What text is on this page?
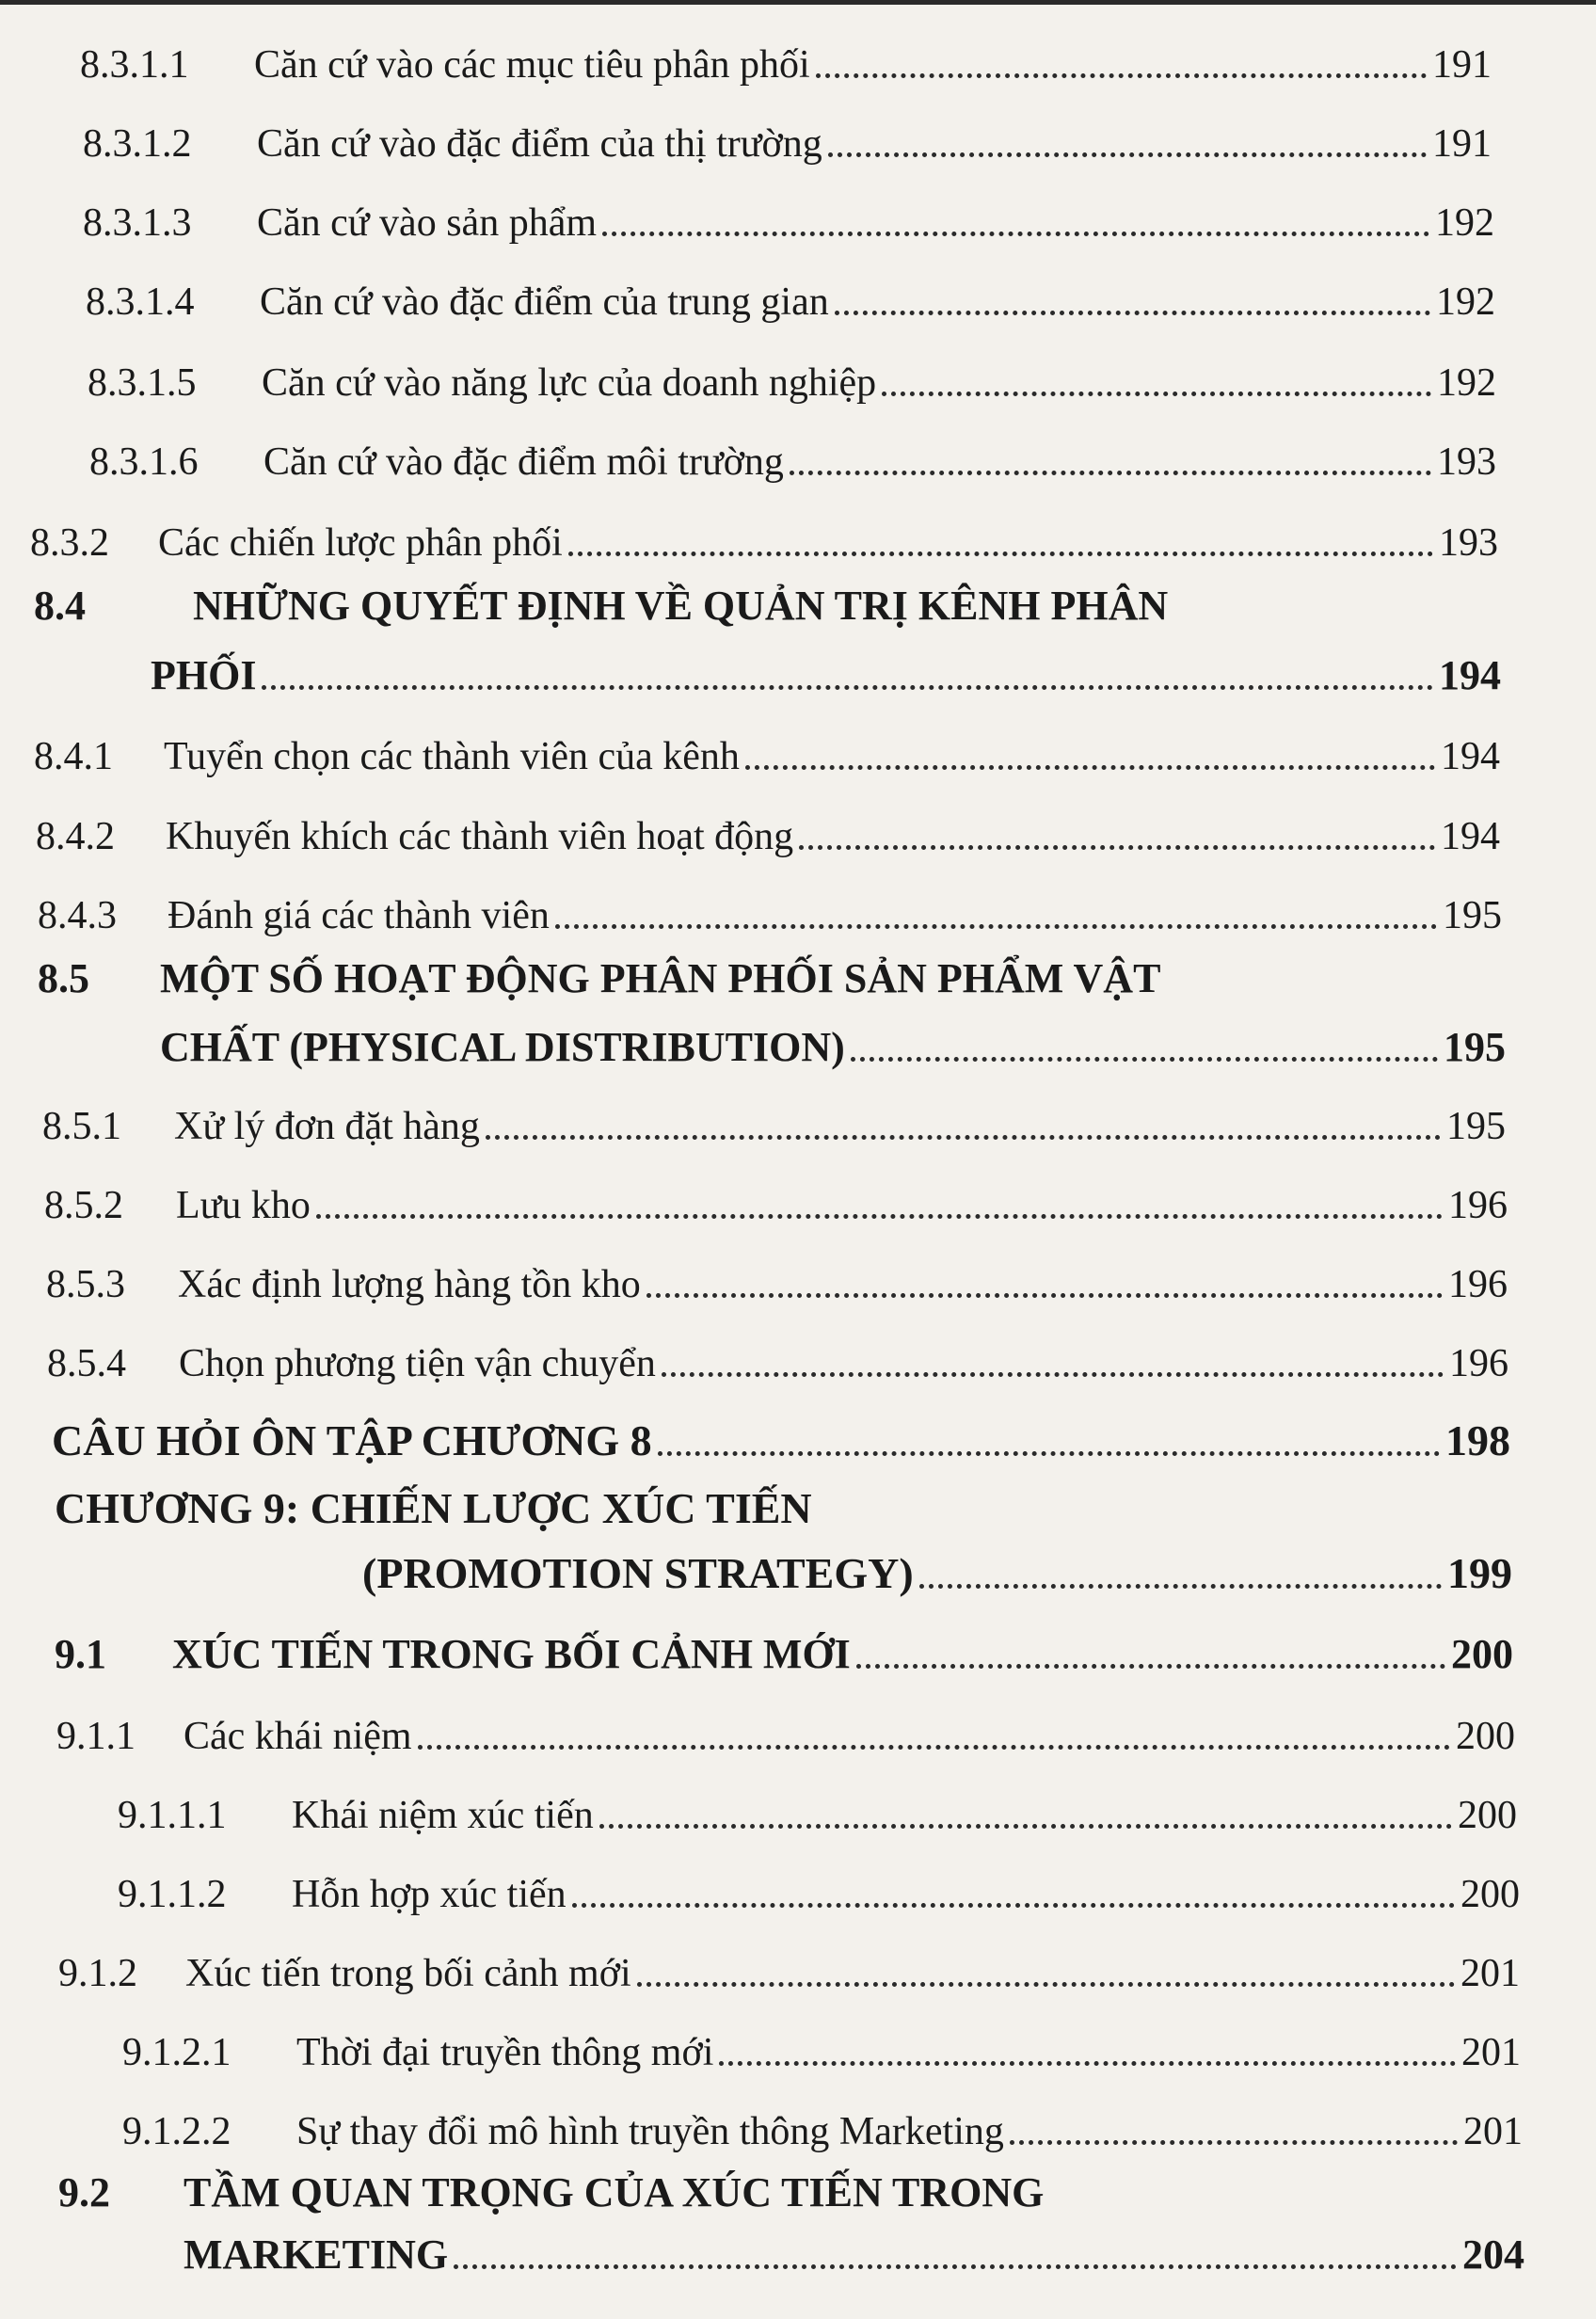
8.3.1.1	Căn cứ vào các mục tiêu phân phối	191
8.3.1.2	Căn cứ vào đặc điểm của thị trường	191
8.3.1.3	Căn cứ vào sản phẩm	192
8.3.1.4	Căn cứ vào đặc điểm của trung gian	192
8.3.1.5	Căn cứ vào năng lực của doanh nghiệp	192
8.3.1.6	Căn cứ vào đặc điểm môi trường	193
8.3.2	Các chiến lược phân phối	193
8.4	NHỮNG QUYẾT ĐỊNH VỀ QUẢN TRỊ KÊNH PHÂN
PHỐI	194
8.4.1	Tuyển chọn các thành viên của kênh	194
8.4.2	Khuyến khích các thành viên hoạt động	194
8.4.3	Đánh giá các thành viên	195
8.5 MỘT SỐ HOẠT ĐỘNG PHÂN PHỐI SẢN PHẨM VẬT
CHẤT (PHYSICAL DISTRIBUTION)	195
8.5.1	Xử lý đơn đặt hàng	195
8.5.2	Lưu kho	196
8.5.3	Xác định lượng hàng tồn kho	196
8.5.4	Chọn phương tiện vận chuyển	196
CÂU HỎI ÔN TẬP CHƯƠNG 8	198
CHƯƠNG 9: CHIẾN LƯỢC XÚC TIẾN
(PROMOTION STRATEGY)	199
9.1	XÚC TIẾN TRONG BỐI CẢNH MỚI	200
9.1.1	Các khái niệm	200
9.1.1.1	Khái niệm xúc tiến	200
9.1.1.2	Hỗn hợp xúc tiến	200
9.1.2	Xúc tiến trong bối cảnh mới	201
9.1.2.1	Thời đại truyền thông mới	201
9.1.2.2	Sự thay đổi mô hình truyền thông Marketing	201
9.2 TẦM QUAN TRỌNG CỦA XÚC TIẾN TRONG
MARKETING	204
